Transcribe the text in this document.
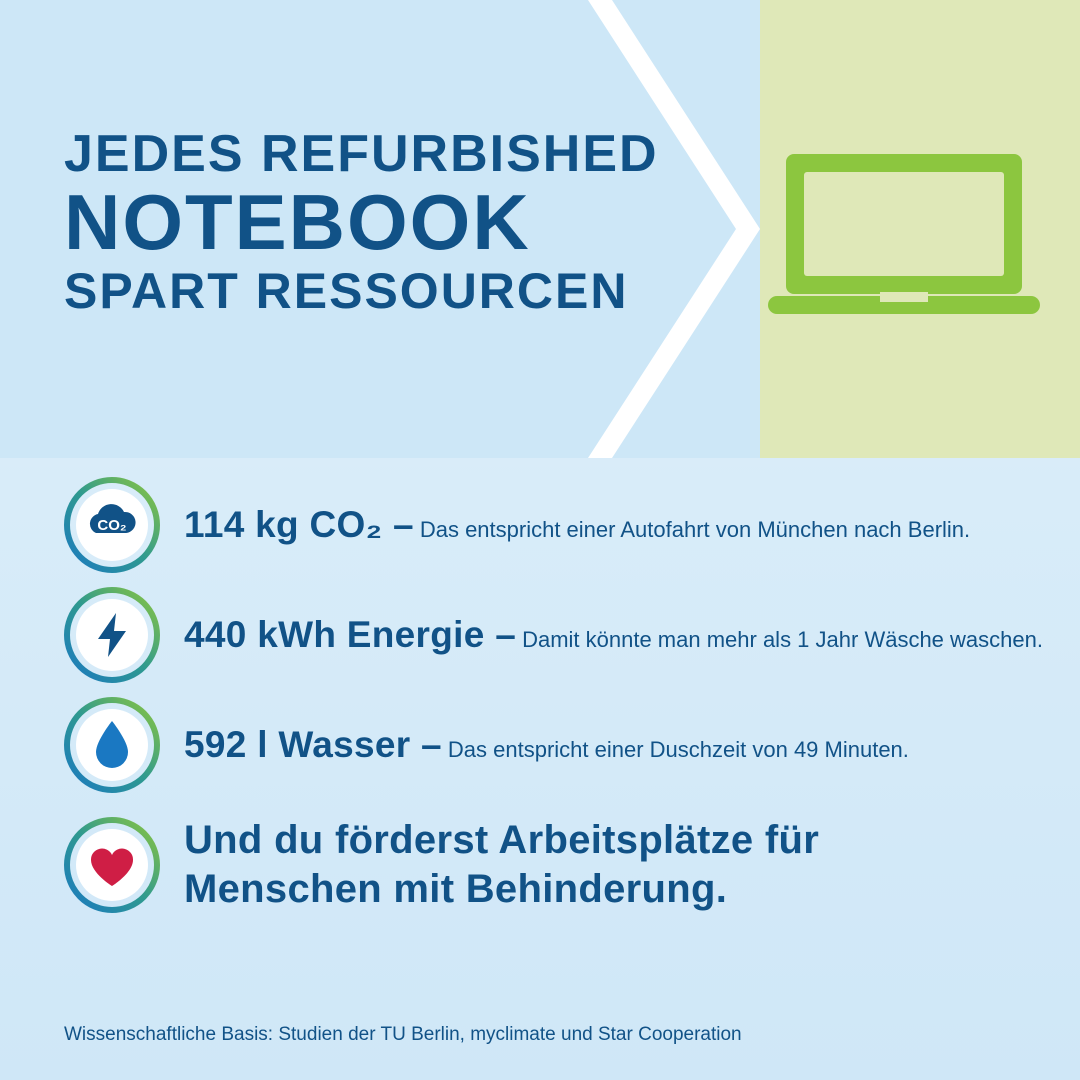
JEDES REFURBISHED
NOTEBOOK
SPART RESSOURCEN
CO₂ 114 kg CO₂ – Das entspricht einer Autofahrt von München nach Berlin.
440 kWh Energie – Damit könnte man mehr als 1 Jahr Wäsche waschen.
592 l Wasser – Das entspricht einer Duschzeit von 49 Minuten.
Und du förderst Arbeitsplätze für Menschen mit Behinderung.
Wissenschaftliche Basis: Studien der TU Berlin, myclimate und Star Cooperation
